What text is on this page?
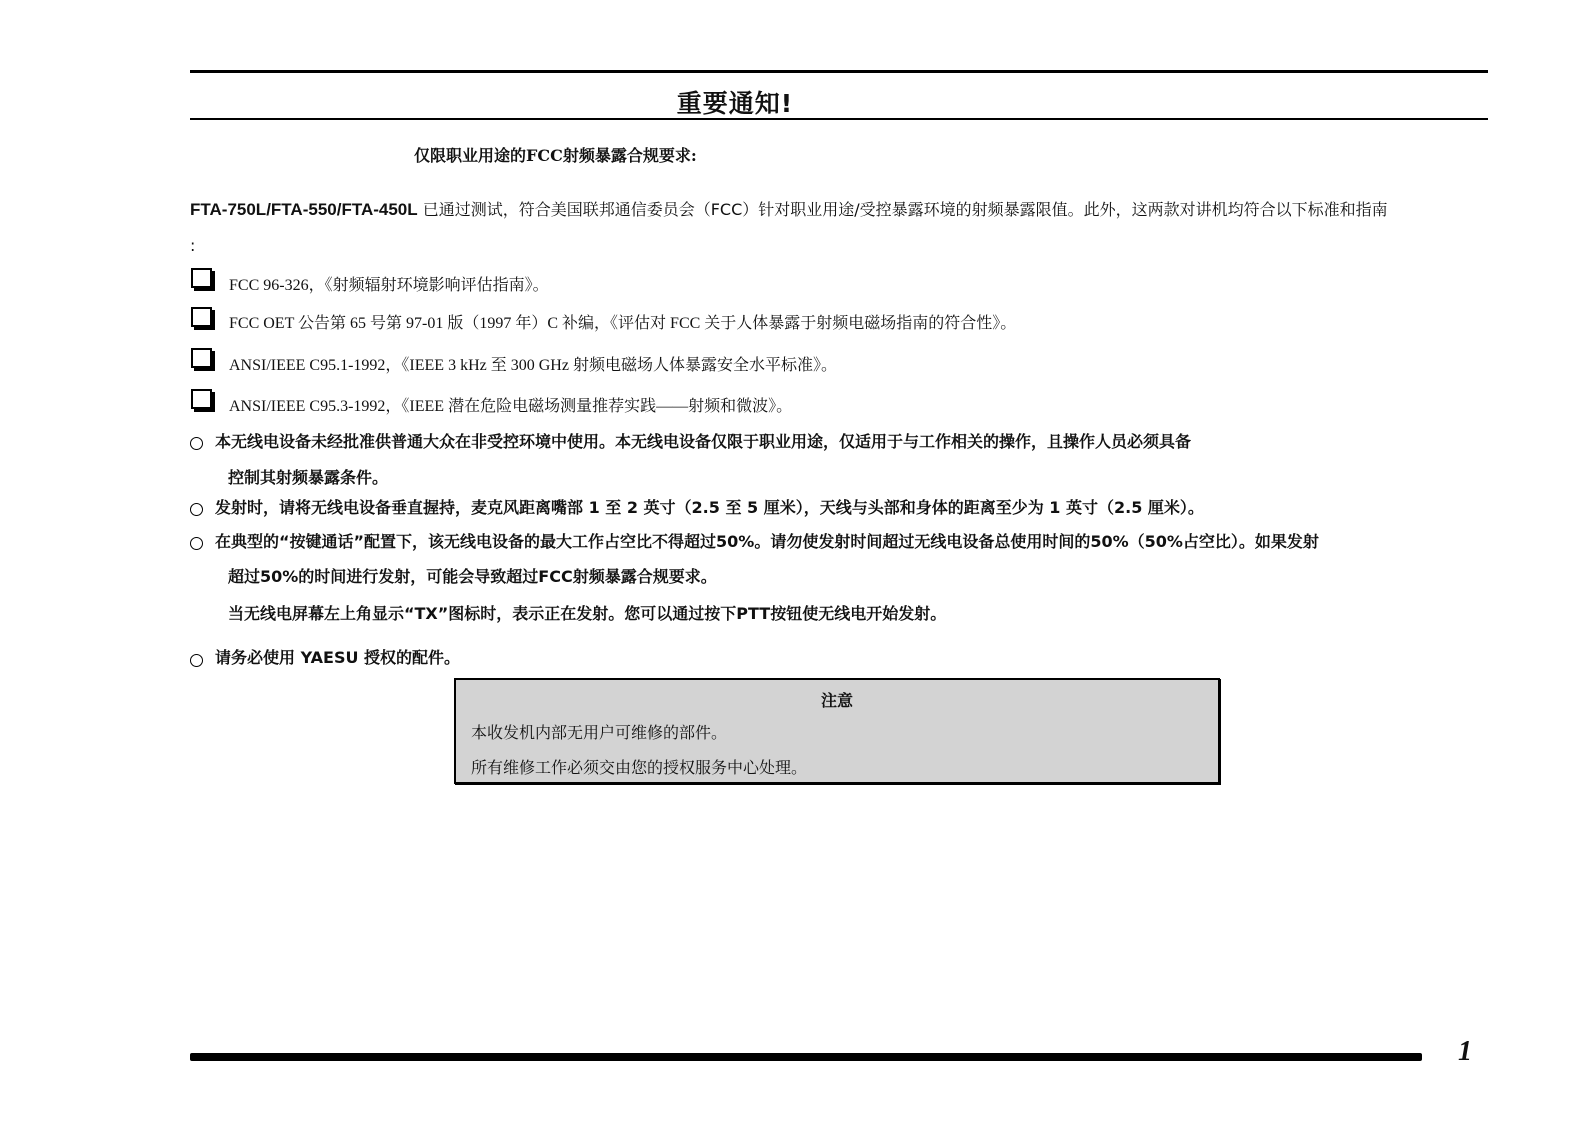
重要通知!
仅限职业用途的FCC射频暴露合规要求:
FTA-750L/FTA-550/FTA-450L 已通过测试，符合美国联邦通信委员会（FCC）针对职业用途/受控暴露环境的射频暴露限值。此外，这两款对讲机均符合以下标准和指南
:
FCC 96-326，《射频辐射环境影响评估指南》。
FCC OET 公告第 65 号第 97-01 版（1997 年）C 补编，《评估对 FCC 关于人体暴露于射频电磁场指南的符合性》。
ANSI/IEEE C95.1-1992，《IEEE 3 kHz 至 300 GHz 射频电磁场人体暴露安全水平标准》。
ANSI/IEEE C95.3-1992，《IEEE 潜在危险电磁场测量推荐实践——射频和微波》。
本无线电设备未经批准供普通大众在非受控环境中使用。本无线电设备仅限于职业用途，仅适用于与工作相关的操作，且操作人员必须具备
控制其射频暴露条件。
发射时，请将无线电设备垂直握持，麦克风距离嘴部 1 至 2 英寸（2.5 至 5 厘米），天线与头部和身体的距离至少为 1 英寸（2.5 厘米）。
在典型的“按键通话”配置下，该无线电设备的最大工作占空比不得超过50%。请勿使发射时间超过无线电设备总使用时间的50%（50%占空比）。如果发射
超过50%的时间进行发射，可能会导致超过FCC射频暴露合规要求。
当无线电屏幕左上角显示“TX”图标时，表示正在发射。您可以通过按下PTT按钮使无线电开始发射。
请务必使用 YAESU 授权的配件。
注意
本收发机内部无用户可维修的部件。
所有维修工作必须交由您的授权服务中心处理。
1
